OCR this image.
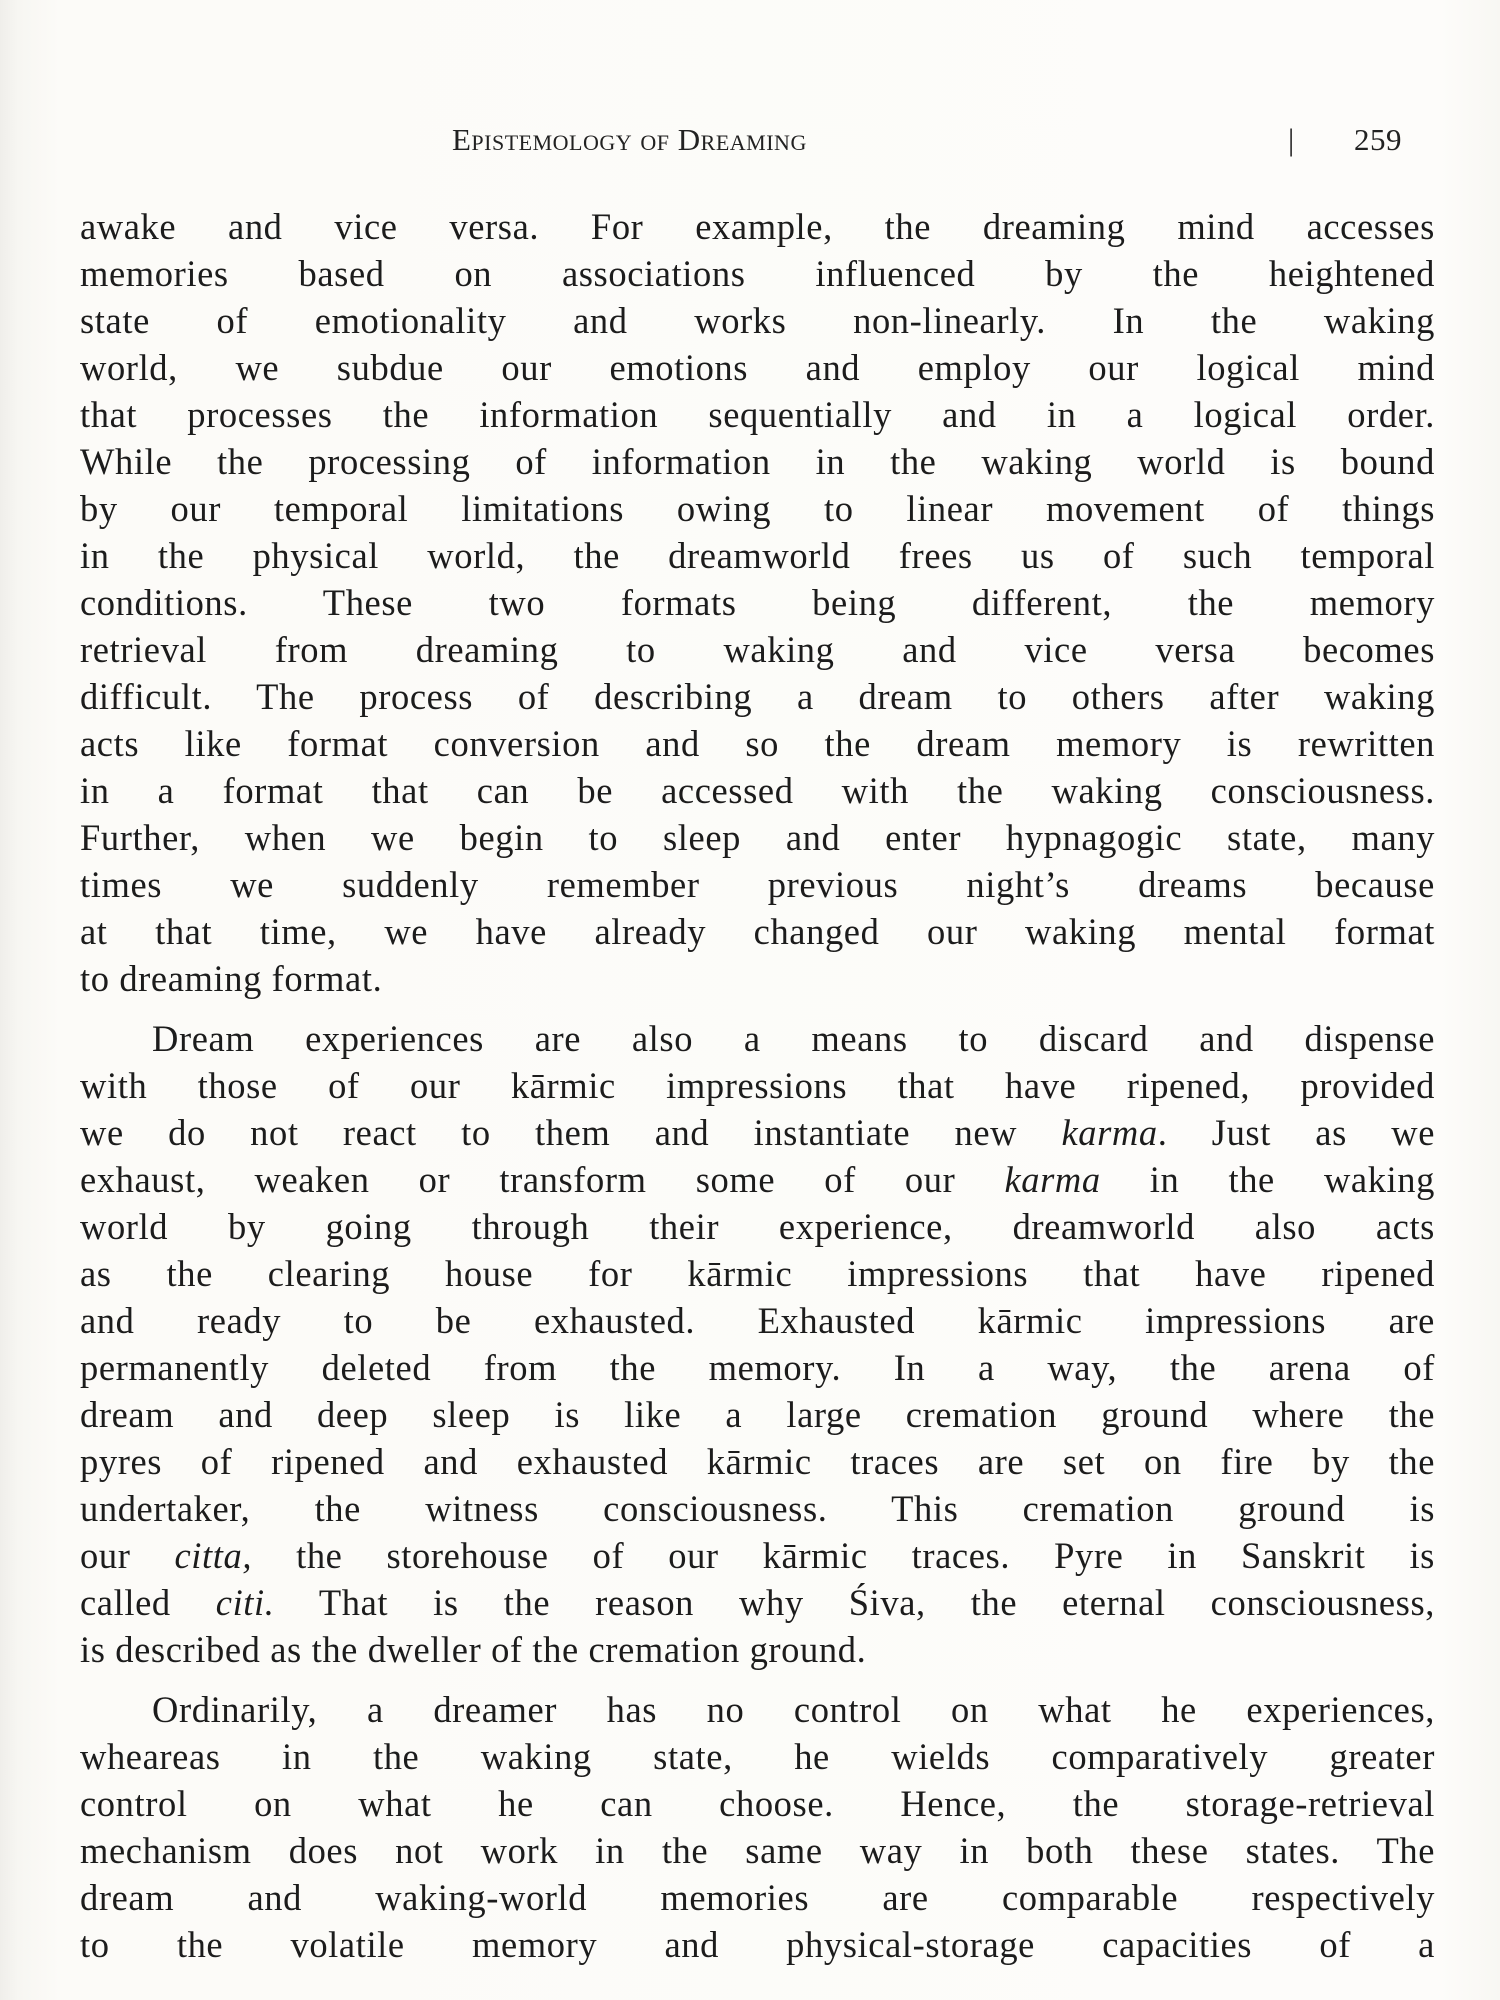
Epistemology of Dreaming	| 259
awake and vice versa. For example, the dreaming mind accesses
memories based on associations influenced by the heightened
state of emotionality and works non-linearly. In the waking
world, we subdue our emotions and employ our logical mind
that processes the information sequentially and in a logical order.
While the processing of information in the waking world is bound
by our temporal limitations owing to linear movement of things
in the physical world, the dreamworld frees us of such temporal
conditions. These two formats being different, the memory
retrieval from dreaming to waking and vice versa becomes
difficult. The process of describing a dream to others after waking
acts like format conversion and so the dream memory is rewritten
in a format that can be accessed with the waking consciousness.
Further, when we begin to sleep and enter hypnagogic state, many
times we suddenly remember previous night’s dreams because
at that time, we have already changed our waking mental format
to dreaming format.
Dream experiences are also a means to discard and dispense
with those of our kārmic impressions that have ripened, provided
we do not react to them and instantiate new karma. Just as we
exhaust, weaken or transform some of our karma in the waking
world by going through their experience, dreamworld also acts
as the clearing house for kārmic impressions that have ripened
and ready to be exhausted. Exhausted kārmic impressions are
permanently deleted from the memory. In a way, the arena of
dream and deep sleep is like a large cremation ground where the
pyres of ripened and exhausted kārmic traces are set on fire by the
undertaker, the witness consciousness. This cremation ground is
our citta, the storehouse of our kārmic traces. Pyre in Sanskrit is
called citi. That is the reason why Śiva, the eternal consciousness,
is described as the dweller of the cremation ground.
Ordinarily, a dreamer has no control on what he experiences,
wheareas in the waking state, he wields comparatively greater
control on what he can choose. Hence, the storage-retrieval
mechanism does not work in the same way in both these states. The
dream and waking-world memories are comparable respectively
to the volatile memory and physical-storage capacities of a
